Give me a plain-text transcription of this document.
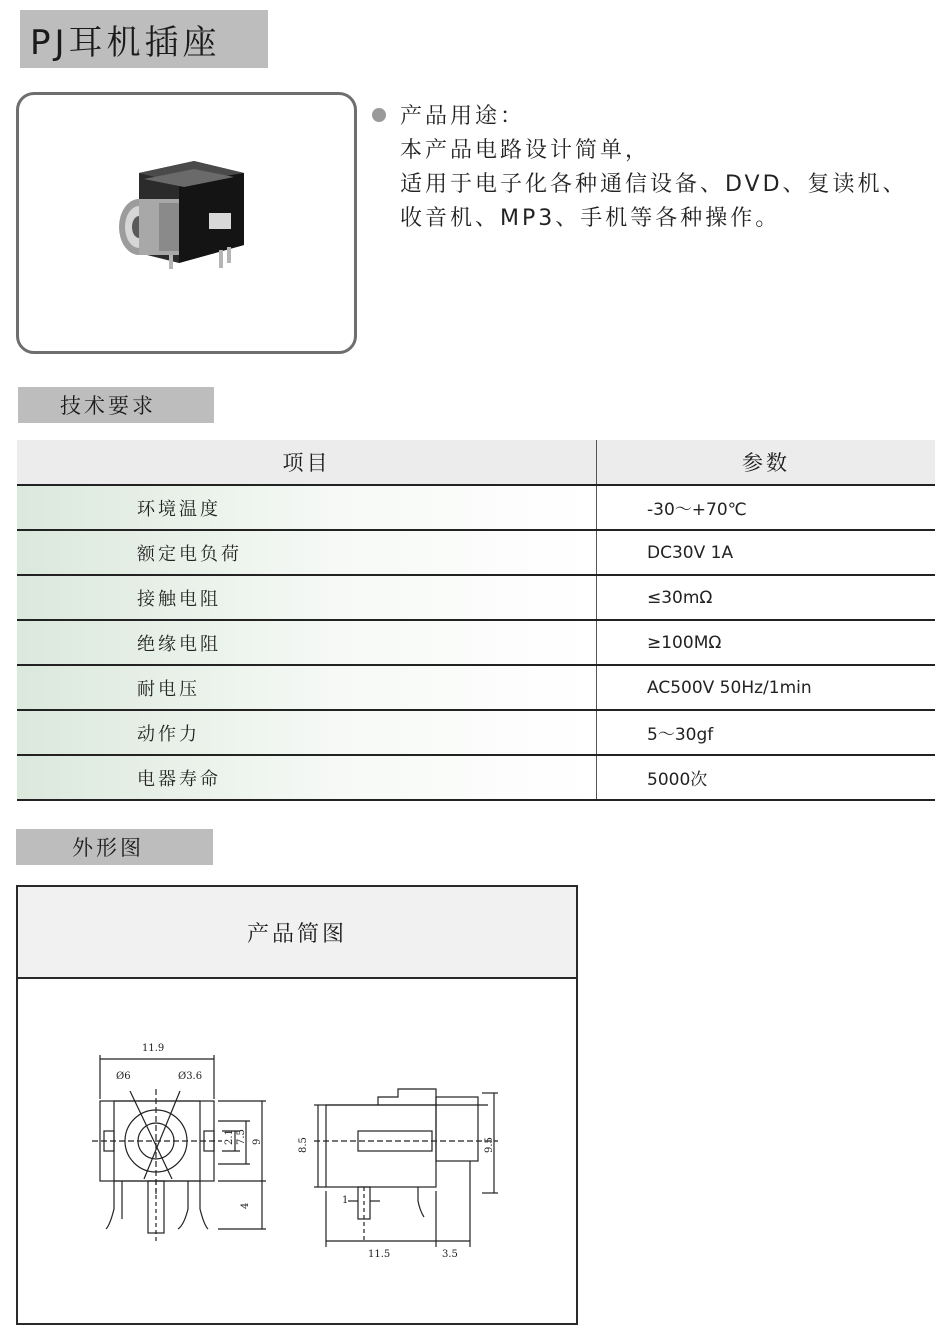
PJ耳机插座
产品用途：
本产品电路设计简单，
适用于电子化各种通信设备、DVD、复读机、
收音机、MP3、手机等各种操作。
技术要求
项目	参数
环境温度	-30～+70℃
额定电负荷	DC30V 1A
接触电阻	≤30mΩ
绝缘电阻	≥100MΩ
耐电压	AC500V 50Hz/1min
动作力	5～30gf
电器寿命	5000次
外形图
产品简图
11.9
Ø6	Ø3.6
2.1 7.5 9
4
8.5	9.5
1
11.5	3.5
